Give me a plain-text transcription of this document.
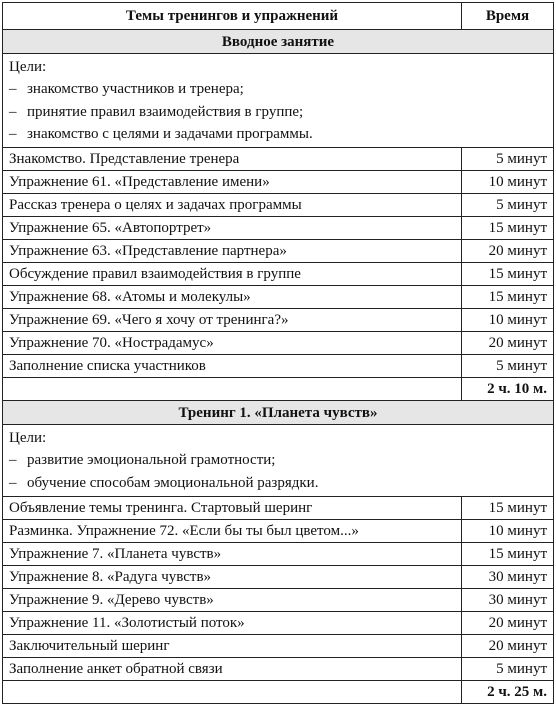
Темы тренингов и упражнений	Время
Вводное занятие	

Цели:
– знакомство участников и тренера;
– принятие правил взаимодействия в группе;
– знакомство с целями и задачами программы.	

Знакомство. Представление тренера	5 минут
Упражнение 61. «Представление имени»	10 минут
Рассказ тренера о целях и задачах программы	5 минут
Упражнение 65. «Автопортрет»	15 минут
Упражнение 63. «Представление партнера»	20 минут
Обсуждение правил взаимодействия в группе	15 минут
Упражнение 68. «Атомы и молекулы»	15 минут
Упражнение 69. «Чего я хочу от тренинга?»	10 минут
Упражнение 70. «Нострадамус»	20 минут
Заполнение списка участников	5 минут
	2 ч. 10 м.
Тренинг 1. «Планета чувств»	

Цели:
– развитие эмоциональной грамотности;
– обучение способам эмоциональной разрядки.	

Объявление темы тренинга. Стартовый шеринг	15 минут
Разминка. Упражнение 72. «Если бы ты был цветом...»	10 минут
Упражнение 7. «Планета чувств»	15 минут
Упражнение 8. «Радуга чувств»	30 минут
Упражнение 9. «Дерево чувств»	30 минут
Упражнение 11. «Золотистый поток»	20 минут
Заключительный шеринг	20 минут
Заполнение анкет обратной связи	5 минут
	2 ч. 25 м.
